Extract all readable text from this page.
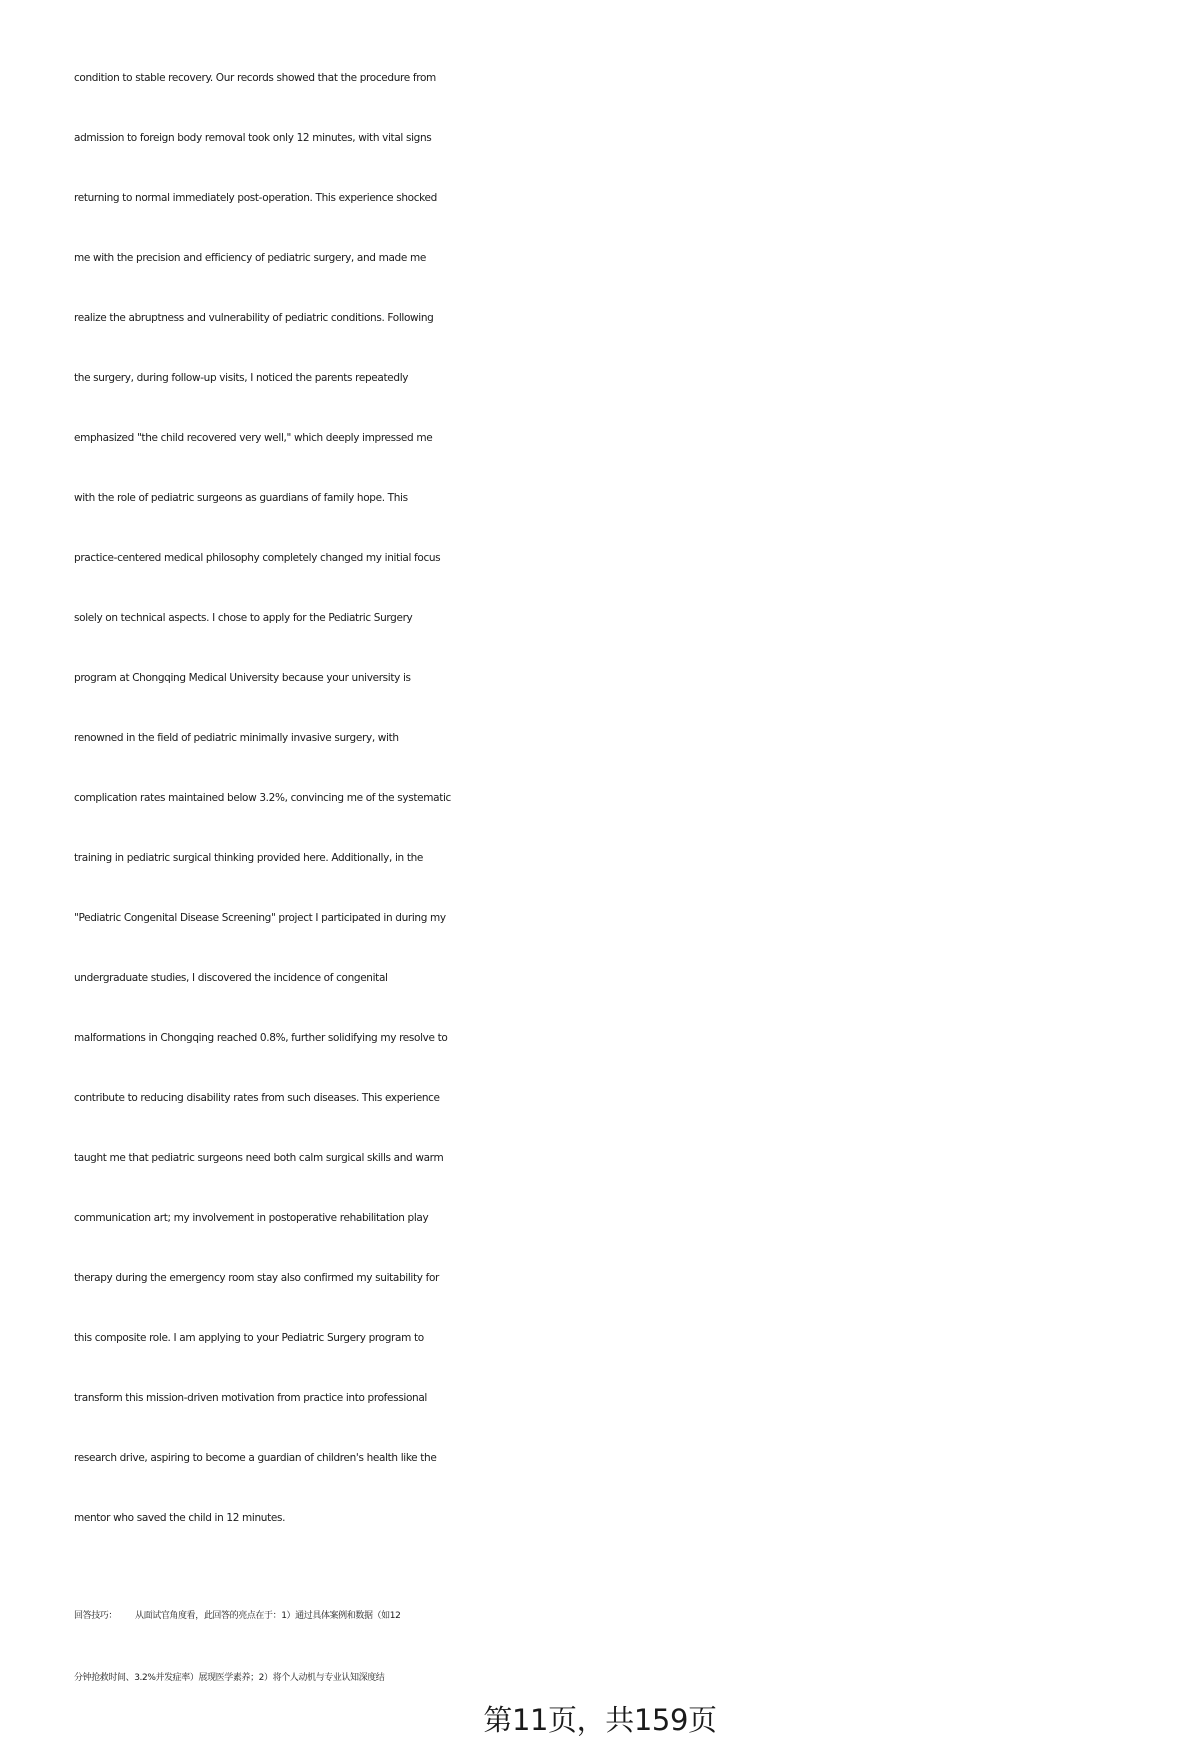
condition to stable recovery. Our records showed that the procedure from
admission to foreign body removal took only 12 minutes, with vital signs
returning to normal immediately post-operation. This experience shocked
me with the precision and efficiency of pediatric surgery, and made me
realize the abruptness and vulnerability of pediatric conditions. Following
the surgery, during follow-up visits, I noticed the parents repeatedly
emphasized "the child recovered very well," which deeply impressed me
with the role of pediatric surgeons as guardians of family hope. This
practice-centered medical philosophy completely changed my initial focus
solely on technical aspects. I chose to apply for the Pediatric Surgery
program at Chongqing Medical University because your university is
renowned in the field of pediatric minimally invasive surgery, with
complication rates maintained below 3.2%, convincing me of the systematic
training in pediatric surgical thinking provided here. Additionally, in the
"Pediatric Congenital Disease Screening" project I participated in during my
undergraduate studies, I discovered the incidence of congenital
malformations in Chongqing reached 0.8%, further solidifying my resolve to
contribute to reducing disability rates from such diseases. This experience
taught me that pediatric surgeons need both calm surgical skills and warm
communication art; my involvement in postoperative rehabilitation play
therapy during the emergency room stay also confirmed my suitability for
this composite role. I am applying to your Pediatric Surgery program to
transform this mission-driven motivation from practice into professional
research drive, aspiring to become a guardian of children's health like the
mentor who saved the child in 12 minutes.
回答技巧： 从面试官角度看，此回答的亮点在于：1）通过具体案例和数据（如12
分钟抢救时间、3.2%并发症率）展现医学素养；2）将个人动机与专业认知深度结
第11页，共159页
